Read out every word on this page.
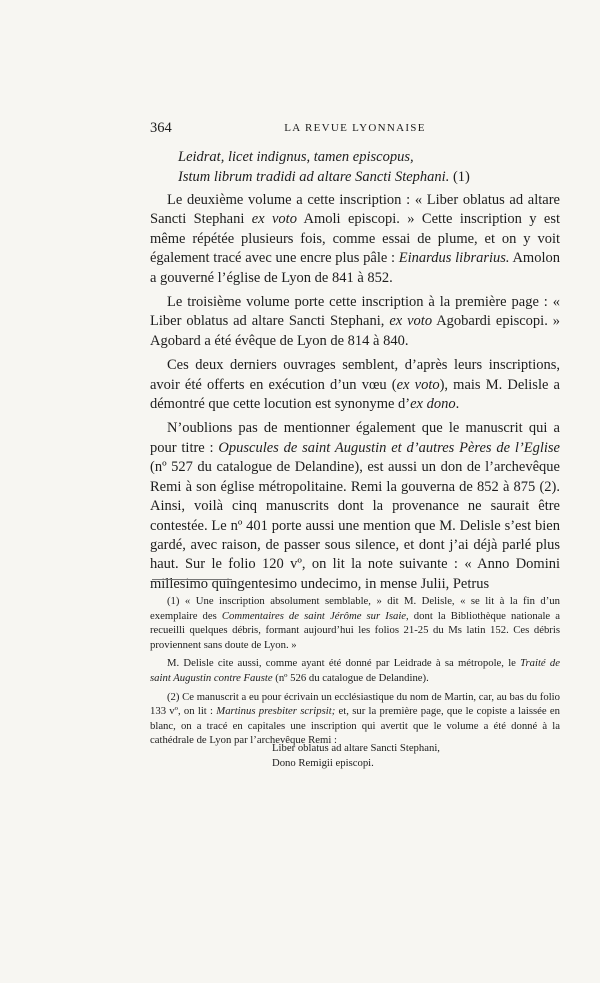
364	LA REVUE LYONNAISE
Leidrat, licet indignus, tamen episcopus,
Istum librum tradidi ad altare Sancti Stephani. (1)

Le deuxième volume a cette inscription : « Liber oblatus ad altare Sancti Stephani ex voto Amoli episcopi. » Cette inscription y est même répétée plusieurs fois, comme essai de plume, et on y voit également tracé avec une encre plus pâle : Einardus librarius. Amolon a gouverné l’église de Lyon de 841 à 852.

Le troisième volume porte cette inscription à la première page : « Liber oblatus ad altare Sancti Stephani, ex voto Agobardi episcopi. » Agobard a été évêque de Lyon de 814 à 840.

Ces deux derniers ouvrages semblent, d’après leurs inscriptions, avoir été offerts en exécution d’un vœu (ex voto), mais M. Delisle a démontré que cette locution est synonyme d’ex dono.

N’oublions pas de mentionner également que le manuscrit qui a pour titre : Opuscules de saint Augustin et d’autres Pères de l’Eglise (nº 527 du catalogue de Delandine), est aussi un don de l’archevêque Remi à son église métropolitaine. Remi la gouverna de 852 à 875 (2). Ainsi, voilà cinq manuscrits dont la provenance ne saurait être contestée. Le nº 401 porte aussi une mention que M. Delisle s’est bien gardé, avec raison, de passer sous silence, et dont j’ai déjà parlé plus haut. Sur le folio 120 vº, on lit la note suivante : « Anno Domini millesimo quingentesimo undecimo, in mense Julii, Petrus

(1) « Une inscription absolument semblable, » dit M. Delisle, « se lit à la fin d’un exemplaire des Commentaires de saint Jérôme sur Isaie, dont la Bibliothèque nationale a recueilli quelques débris, formant aujourd’hui les folios 21-25 du Ms latin 152. Ces débris proviennent sans doute de Lyon. »

M. Delisle cite aussi, comme ayant été donné par Leidrade à sa métropole, le Traité de saint Augustin contre Fauste (nº 526 du catalogue de Delandine).

(2) Ce manuscrit a eu pour écrivain un ecclésiastique du nom de Martin, car, au bas du folio 133 vº, on lit : Martinus presbiter scripsit; et, sur la première page, que le copiste a laissée en blanc, on a tracé en capitales une inscription qui avertit que le volume a été donné à la cathédrale de Lyon par l’archevêque Remi :

Liber oblatus ad altare Sancti Stephani,
Dono Remigii episcopi.
